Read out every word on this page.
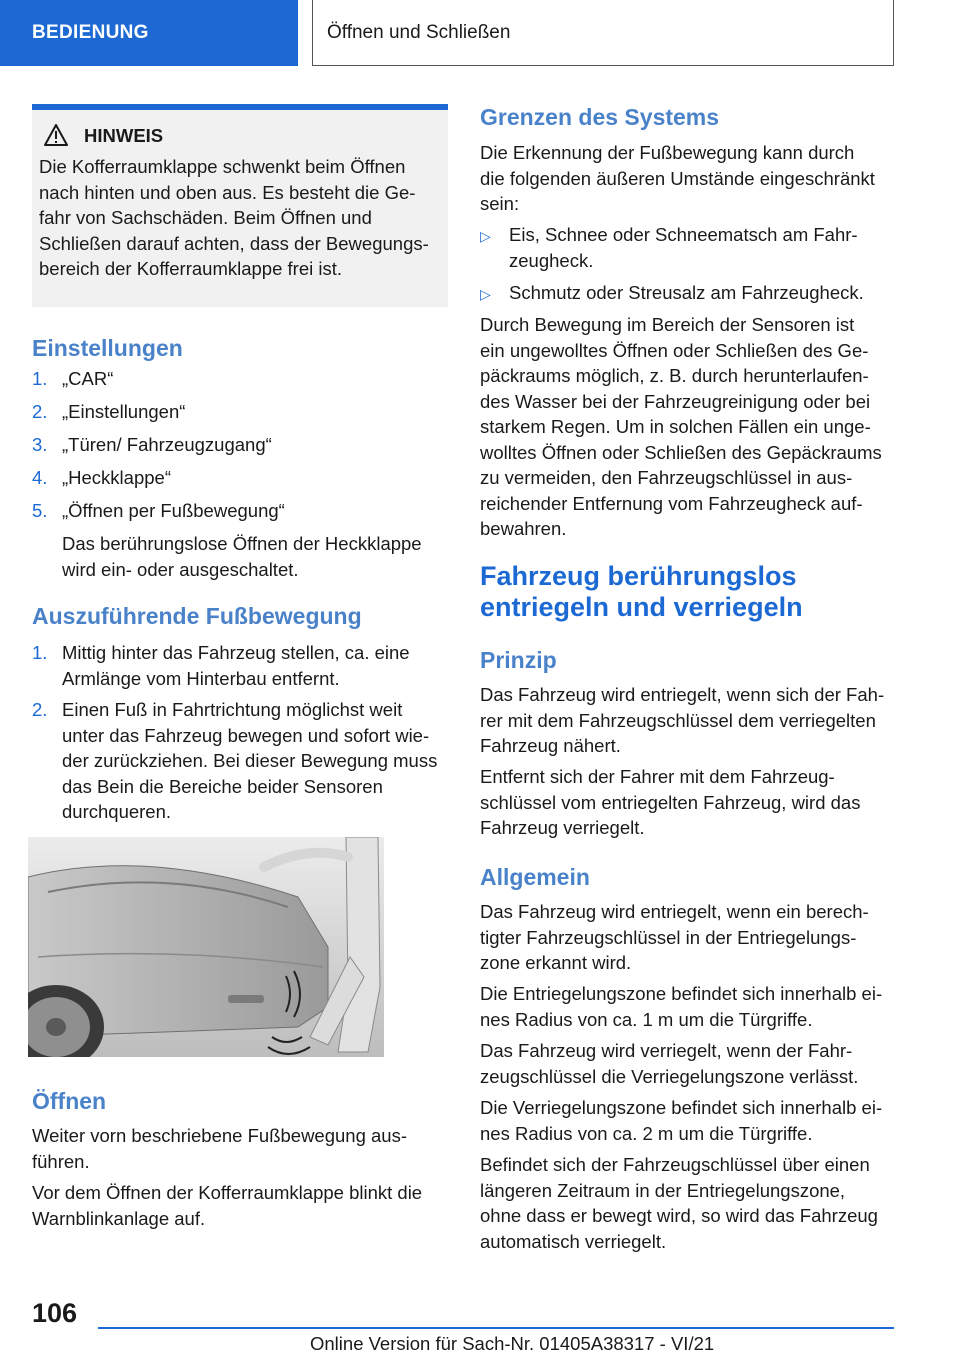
BEDIENUNG	Öffnen und Schließen
HINWEIS
Die Kofferraumklappe schwenkt beim Öffnen
nach hinten und oben aus. Es besteht die Ge-
fahr von Sachschäden. Beim Öffnen und
Schließen darauf achten, dass der Bewegungs-
bereich der Kofferraumklappe frei ist.
Einstellungen
1. „CAR“
2. „Einstellungen“
3. „Türen/ Fahrzeugzugang“
4. „Heckklappe“
5. „Öffnen per Fußbewegung“
Das berührungslose Öffnen der Heckklappe
wird ein- oder ausgeschaltet.
Auszuführende Fußbewegung
1. Mittig hinter das Fahrzeug stellen, ca. eine
Armlänge vom Hinterbau entfernt.
2. Einen Fuß in Fahrtrichtung möglichst weit
unter das Fahrzeug bewegen und sofort wie-
der zurückziehen. Bei dieser Bewegung muss
das Bein die Bereiche beider Sensoren
durchqueren.
Öffnen
Weiter vorn beschriebene Fußbewegung aus-
führen.
Vor dem Öffnen der Kofferraumklappe blinkt die
Warnblinkanlage auf.
Grenzen des Systems
Die Erkennung der Fußbewegung kann durch
die folgenden äußeren Umstände eingeschränkt
sein:
▷ Eis, Schnee oder Schneematsch am Fahr-
zeugheck.
▷ Schmutz oder Streusalz am Fahrzeugheck.
Durch Bewegung im Bereich der Sensoren ist
ein ungewolltes Öffnen oder Schließen des Ge-
päckraums möglich, z. B. durch herunterlaufen-
des Wasser bei der Fahrzeugreinigung oder bei
starkem Regen. Um in solchen Fällen ein unge-
wolltes Öffnen oder Schließen des Gepäckraums
zu vermeiden, den Fahrzeugschlüssel in aus-
reichender Entfernung vom Fahrzeugheck auf-
bewahren.
Fahrzeug berührungslos
entriegeln und verriegeln
Prinzip
Das Fahrzeug wird entriegelt, wenn sich der Fah-
rer mit dem Fahrzeugschlüssel dem verriegelten
Fahrzeug nähert.
Entfernt sich der Fahrer mit dem Fahrzeug-
schlüssel vom entriegelten Fahrzeug, wird das
Fahrzeug verriegelt.
Allgemein
Das Fahrzeug wird entriegelt, wenn ein berech-
tigter Fahrzeugschlüssel in der Entriegelungs-
zone erkannt wird.
Die Entriegelungszone befindet sich innerhalb ei-
nes Radius von ca. 1 m um die Türgriffe.
Das Fahrzeug wird verriegelt, wenn der Fahr-
zeugschlüssel die Verriegelungszone verlässt.
Die Verriegelungszone befindet sich innerhalb ei-
nes Radius von ca. 2 m um die Türgriffe.
Befindet sich der Fahrzeugschlüssel über einen
längeren Zeitraum in der Entriegelungszone,
ohne dass er bewegt wird, so wird das Fahrzeug
automatisch verriegelt.
106
Online Version für Sach-Nr. 01405A38317 - VI/21
